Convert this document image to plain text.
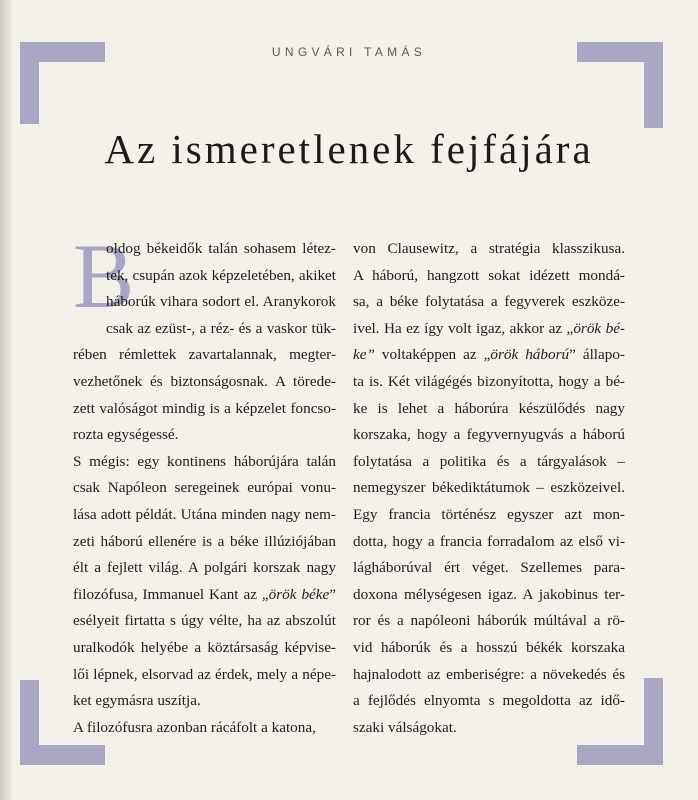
UNGVÁRI TAMÁS
Az ismeretlenek fejfájára
B
oldog békeidők talán sohasem létez-
tek, csupán azok képzeletében, akiket
háborúk vihara sodort el. Aranykorok
csak az ezüst-, a réz- és a vaskor tük-
rében rémlettek zavartalannak, megter-
vezhetőnek és biztonságosnak. A törede-
zett valóságot mindig is a képzelet foncso-
rozta egységessé.
S mégis: egy kontinens háborújára talán
csak Napóleon seregeinek európai vonu-
lása adott példát. Utána minden nagy nem-
zeti háború ellenére is a béke illúziójában
élt a fejlett világ. A polgári korszak nagy
filozófusa, Immanuel Kant az „örök béke”
esélyeit firtatta s úgy vélte, ha az abszolút
uralkodók helyébe a köztársaság képvise-
lői lépnek, elsorvad az érdek, mely a népe-
ket egymásra uszítja.
A filozófusra azonban rácáfolt a katona,
von Clausewitz, a stratégia klasszikusa.
A háború, hangzott sokat idézett mondá-
sa, a béke folytatása a fegyverek eszköze-
ivel. Ha ez így volt igaz, akkor az „örök bé-
ke” voltaképpen az „örök háború” állapo-
ta is. Két világégés bizonyította, hogy a bé-
ke is lehet a háborúra készülődés nagy
korszaka, hogy a fegyvernyugvás a háború
folytatása a politika és a tárgyalások –
nemegyszer békediktátumok – eszközeivel.
Egy francia történész egyszer azt mon-
dotta, hogy a francia forradalom az első vi-
lágháborúval ért véget. Szellemes para-
doxona mélységesen igaz. A jakobinus ter-
ror és a napóleoni háborúk múltával a rö-
vid háborúk és a hosszú békék korszaka
hajnalodott az emberiségre: a növekedés és
a fejlődés elnyomta s megoldotta az idő-
szaki válságokat.
